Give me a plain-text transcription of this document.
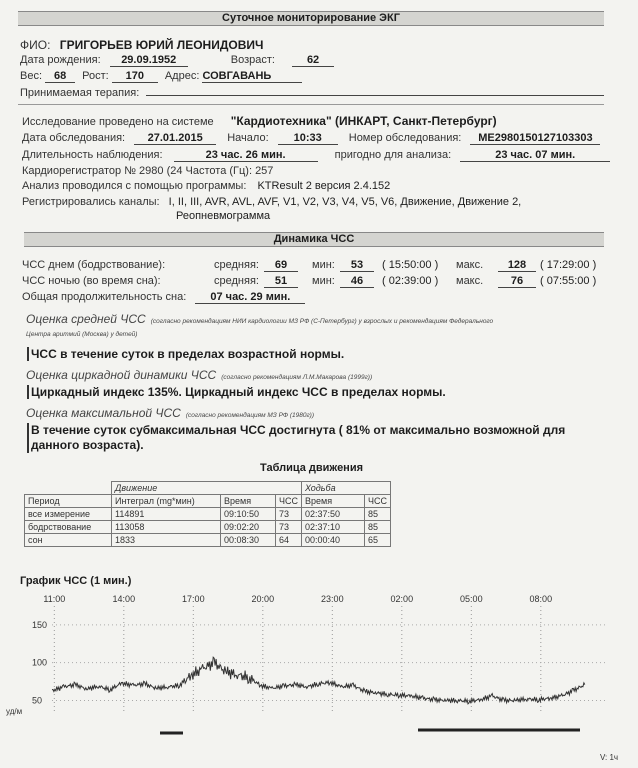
Суточное мониторирование ЭКГ
ФИО: ГРИГОРЬЕВ ЮРИЙ ЛЕОНИДОВИЧ
Дата рождения: 29.09.1952	Возраст:	62
Вес: 68 Рост: 170 Адрес: СОВГАВАНЬ
Принимаемая терапия:
Исследование проведено на системе "Кардиотехника" (ИНКАРТ, Санкт-Петербург)
Дата обследования: 27.01.2015 Начало: 10:33 Номер обследования: ME2980150127103303
Длительность наблюдения:	23 час. 26 мин.	пригодно для анализа:	23 час. 07 мин.
Кардиорегистратор № 2980 (24 Частота (Гц): 257
Анализ проводился с помощью программы: KTResult 2 версия 2.4.152
Регистрировались каналы: I, II, III, AVR, AVL, AVF, V1, V2, V3, V4, V5, V6, Движение, Движение 2,
Реопневмограмма
Динамика ЧСС
ЧСС днем (бодрствование):	средняя:	69	мин:	53	( 15:50:00 ) макс.	128	( 17:29:00 )
ЧСС ночью (во время сна):	средняя:	51	мин:	46	( 02:39:00 ) макс.	76	( 07:55:00 )
Общая продолжительность сна: 07 час. 29 мин.
Оценка средней ЧСС (согласно рекомендациям НИИ кардиологии МЗ РФ (С-Петербург) у взрослых и рекомендациям Федерального
Центра аритмий (Москва) у детей)
ЧСС в течение суток в пределах возрастной нормы.
Оценка циркадной динамики ЧСС (согласно рекомендациям Л.М.Макарова (1999г))
Циркадный индекс 135%. Циркадный индекс ЧСС в пределах нормы.
Оценка максимальной ЧСС (согласно рекомендациям МЗ РФ (1980г))
В течение суток субмаксимальная ЧСС достигнута ( 81% от максимально возможной для
данного возраста).
Таблица движения
	Движение			Ходьба	
Период	Интеграл (mg*мин)	Время	ЧСС	Время	ЧСС
все измерение	114891	09:10:50	73	02:37:50	85
бодрствование	113058	09:02:20	73	02:37:10	85
сон	1833	00:08:30	64	00:00:40	65
График ЧСС (1 мин.)
11:00	14:00	17:00	20:00	23:00	02:00	05:00	08:00
150
100
50
уд/м
V: 1ч
